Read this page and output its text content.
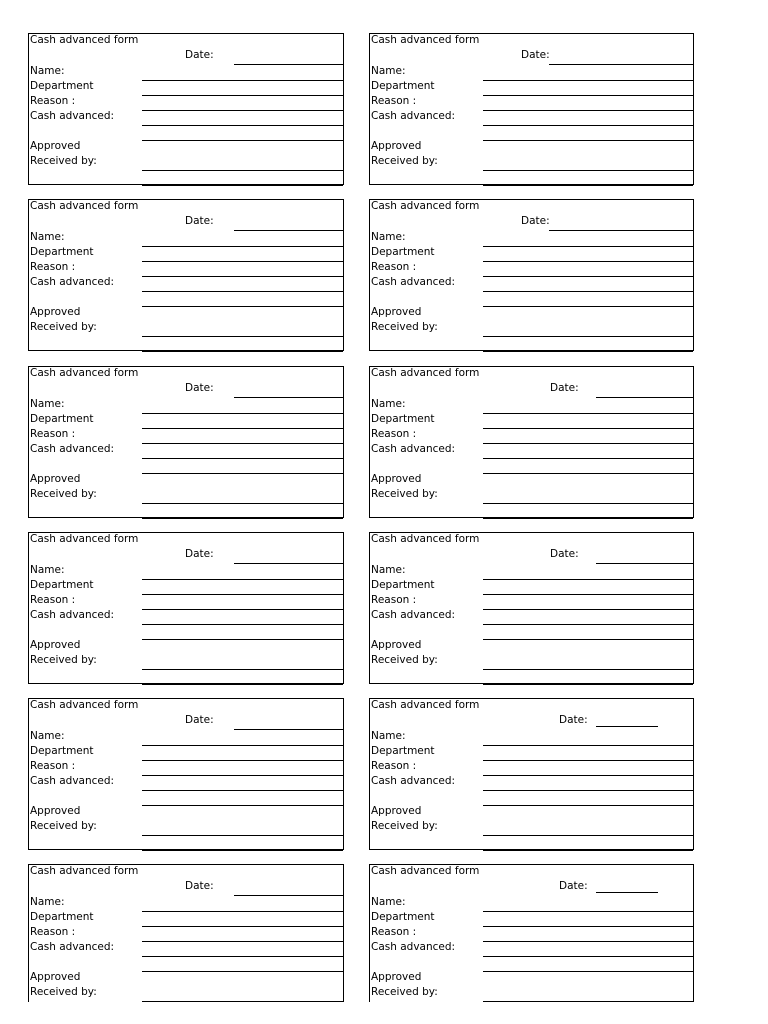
Cash advanced form
Date:
Name:
Department
Reason :
Cash advanced:
Approved
Received by:
Cash advanced form
Date:
Name:
Department
Reason :
Cash advanced:
Approved
Received by:
Cash advanced form
Date:
Name:
Department
Reason :
Cash advanced:
Approved
Received by:
Cash advanced form
Date:
Name:
Department
Reason :
Cash advanced:
Approved
Received by:
Cash advanced form
Date:
Name:
Department
Reason :
Cash advanced:
Approved
Received by:
Cash advanced form
Date:
Name:
Department
Reason :
Cash advanced:
Approved
Received by:
Cash advanced form
Date:
Name:
Department
Reason :
Cash advanced:
Approved
Received by:
Cash advanced form
Date:
Name:
Department
Reason :
Cash advanced:
Approved
Received by:
Cash advanced form
Date:
Name:
Department
Reason :
Cash advanced:
Approved
Received by:
Cash advanced form
Date:
Name:
Department
Reason :
Cash advanced:
Approved
Received by:
Cash advanced form
Date:
Name:
Department
Reason :
Cash advanced:
Approved
Received by:
Cash advanced form
Date:
Name:
Department
Reason :
Cash advanced:
Approved
Received by:
